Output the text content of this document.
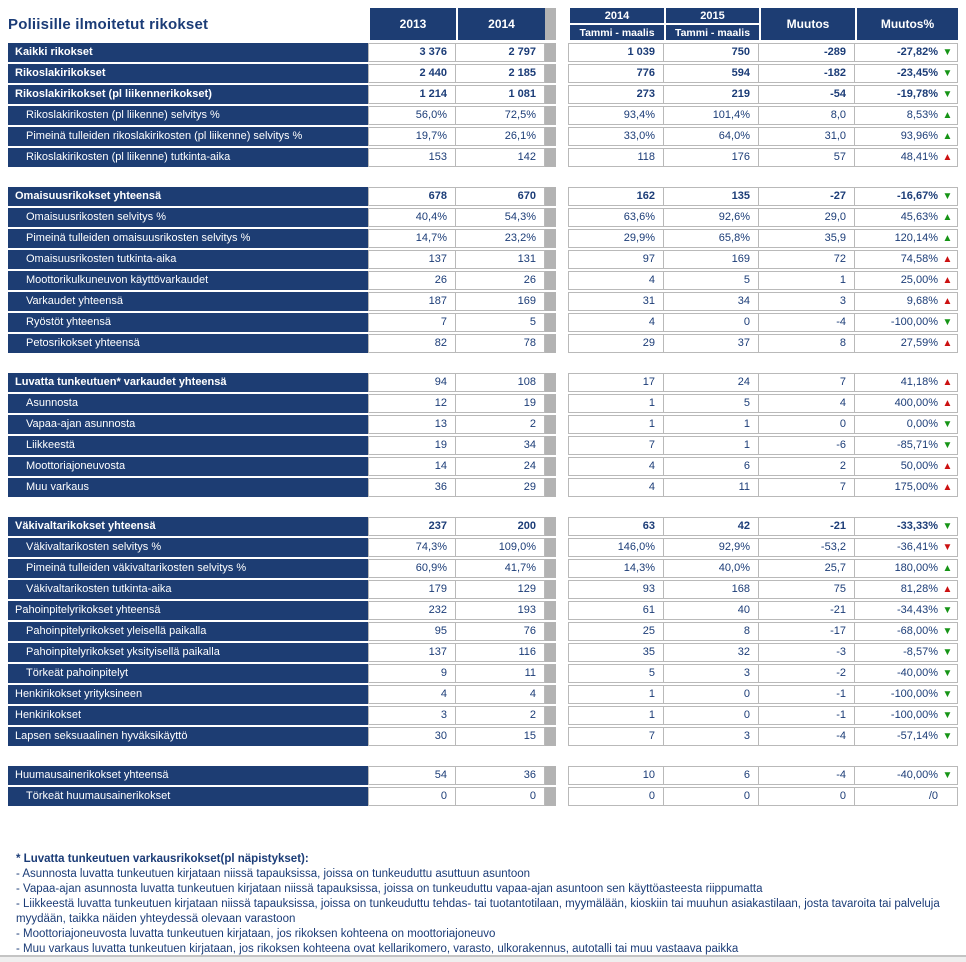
Poliisille ilmoitetut rikokset	2013	2014
2014
Tammi - maalis
2015
Tammi - maalis
Muutos	Muutos%
Kaikki rikokset	3 376	2 797	1 039	750	-289	-27,82% ▼
Rikoslakirikokset	2 440	2 185	776	594	-182	-23,45% ▼
Rikoslakirikokset (pl liikennerikokset)	1 214	1 081	273	219	-54	-19,78% ▼
Rikoslakirikosten (pl liikenne) selvitys %	56,0%	72,5%	93,4%	101,4%	8,0	8,53% ▲
Pimeinä tulleiden rikoslakirikosten (pl liikenne) selvitys %	19,7%	26,1%	33,0%	64,0%	31,0	93,96% ▲
Rikoslakirikosten (pl liikenne) tutkinta-aika	153	142	118	176	57	48,41% ▲
Omaisuusrikokset yhteensä	678	670	162	135	-27	-16,67% ▼
Omaisuusrikosten selvitys %	40,4%	54,3%	63,6%	92,6%	29,0	45,63% ▲
Pimeinä tulleiden omaisuusrikosten selvitys %	14,7%	23,2%	29,9%	65,8%	35,9	120,14% ▲
Omaisuusrikosten tutkinta-aika	137	131	97	169	72	74,58% ▲
Moottorikulkuneuvon käyttövarkaudet	26	26	4	5	1	25,00% ▲
Varkaudet yhteensä	187	169	31	34	3	9,68% ▲
Ryöstöt yhteensä	7	5	4	0	-4	-100,00% ▼
Petosrikokset yhteensä	82	78	29	37	8	27,59% ▲
Luvatta tunkeutuen* varkaudet yhteensä	94	108	17	24	7	41,18% ▲
Asunnosta	12	19	1	5	4	400,00% ▲
Vapaa-ajan asunnosta	13	2	1	1	0	0,00% ▼
Liikkeestä	19	34	7	1	-6	-85,71% ▼
Moottoriajoneuvosta	14	24	4	6	2	50,00% ▲
Muu varkaus	36	29	4	11	7	175,00% ▲
Väkivaltarikokset yhteensä	237	200	63	42	-21	-33,33% ▼
Väkivaltarikosten selvitys %	74,3%	109,0%	146,0%	92,9%	-53,2	-36,41% ▼
Pimeinä tulleiden väkivaltarikosten selvitys %	60,9%	41,7%	14,3%	40,0%	25,7	180,00% ▲
Väkivaltarikosten tutkinta-aika	179	129	93	168	75	81,28% ▲
Pahoinpitelyrikokset yhteensä	232	193	61	40	-21	-34,43% ▼
Pahoinpitelyrikokset yleisellä paikalla	95	76	25	8	-17	-68,00% ▼
Pahoinpitelyrikokset yksityisellä paikalla	137	116	35	32	-3	-8,57% ▼
Törkeät pahoinpitelyt	9	11	5	3	-2	-40,00% ▼
Henkirikokset yrityksineen	4	4	1	0	-1	-100,00% ▼
Henkirikokset	3	2	1	0	-1	-100,00% ▼
Lapsen seksuaalinen hyväksikäyttö	30	15	7	3	-4	-57,14% ▼
Huumausainerikokset yhteensä	54	36	10	6	-4	-40,00% ▼
Törkeät huumausainerikokset	0	0	0	0	0	/0
* Luvatta tunkeutuen varkausrikokset(pl näpistykset):
- Asunnosta luvatta tunkeutuen kirjataan niissä tapauksissa, joissa on tunkeuduttu asuttuun asuntoon
- Vapaa-ajan asunnosta luvatta tunkeutuen kirjataan niissä tapauksissa, joissa on tunkeuduttu vapaa-ajan asuntoon sen käyttöasteesta riippumatta
- Liikkeestä luvatta tunkeutuen kirjataan niissä tapauksissa, joissa on tunkeuduttu tehdas- tai tuotantotilaan, myymälään, kioskiin tai muuhun asiakastilaan, josta tavaroita tai palveluja myydään, taikka näiden yhteydessä olevaan varastoon
- Moottoriajoneuvosta luvatta tunkeutuen kirjataan, jos rikoksen kohteena on moottoriajoneuvo
- Muu varkaus luvatta tunkeutuen kirjataan, jos rikoksen kohteena ovat kellarikomero, varasto, ulkorakennus, autotalli tai muu vastaava paikka
